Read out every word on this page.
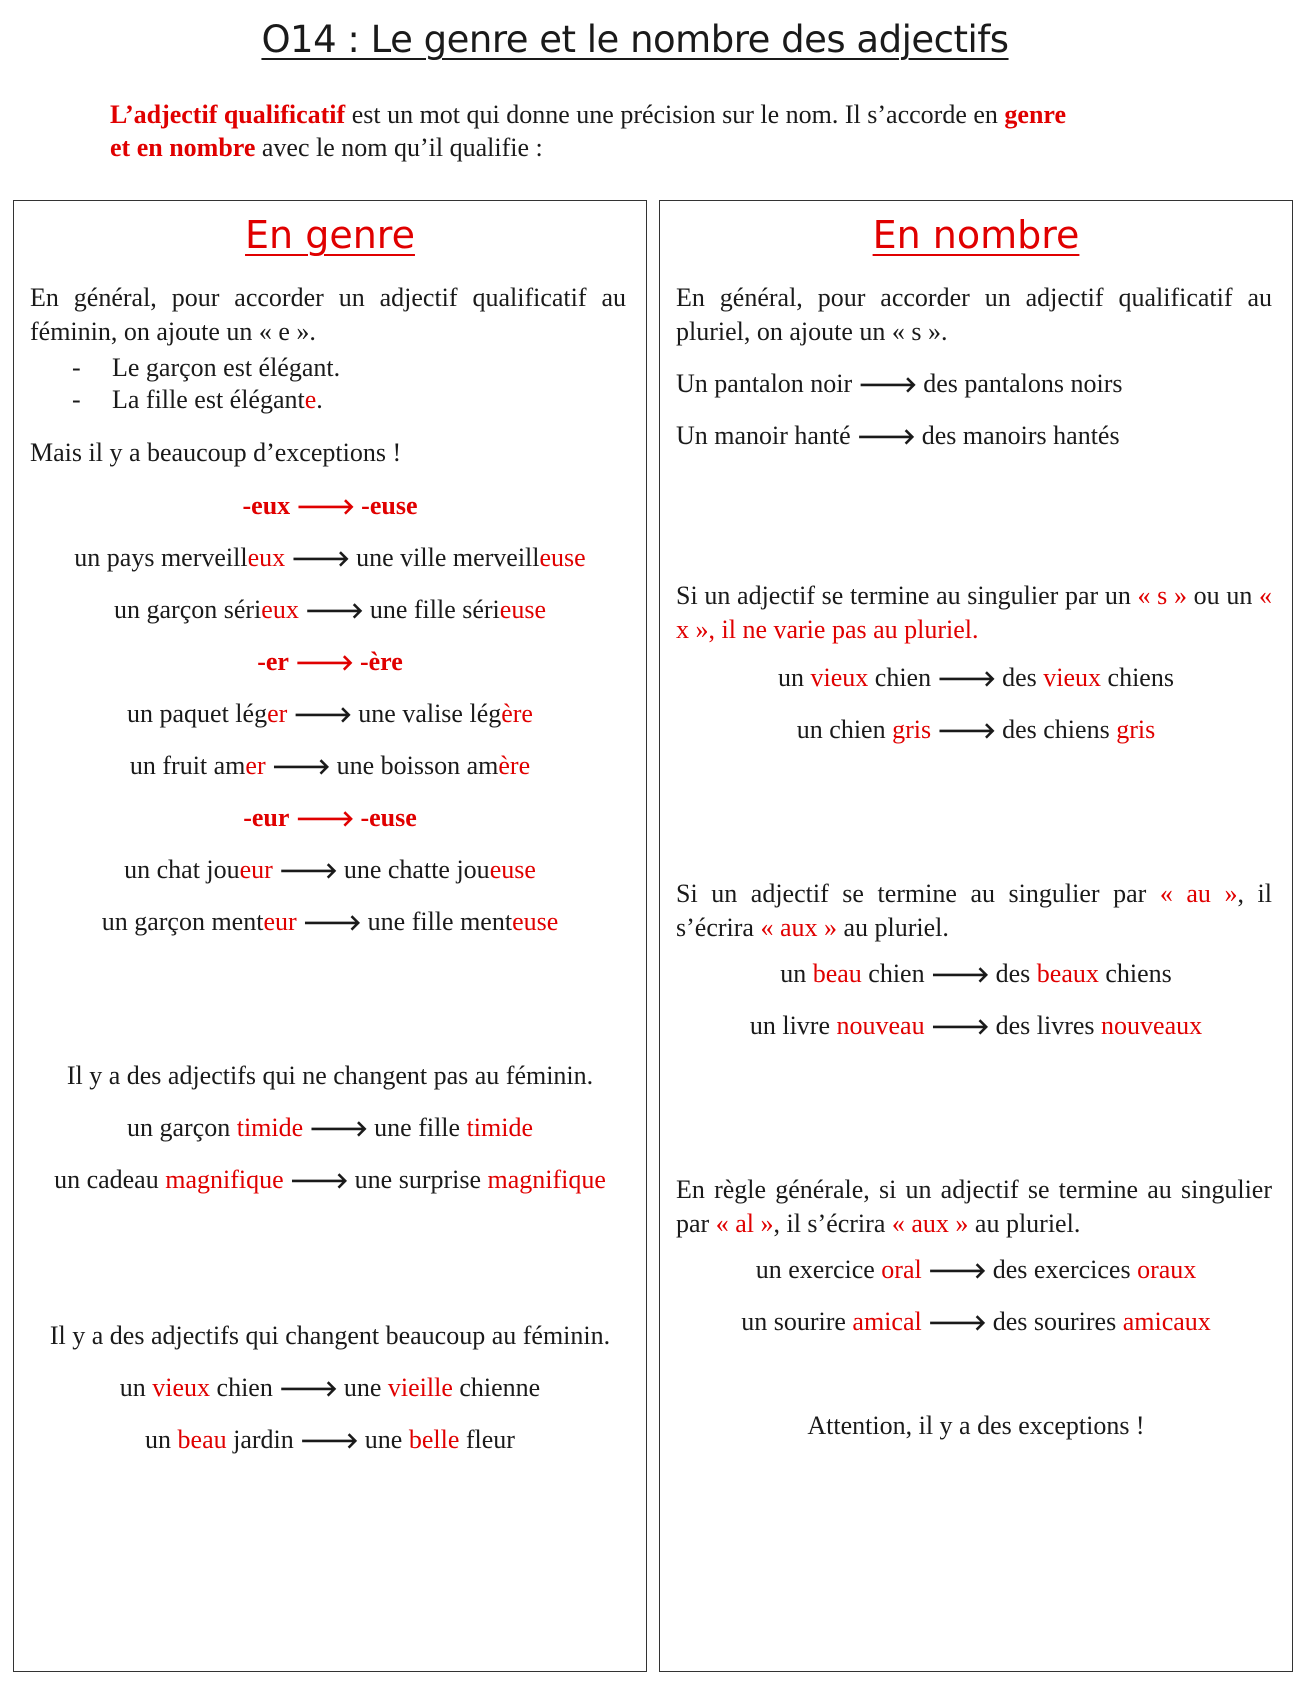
O14 : Le genre et le nombre des adjectifs
L’adjectif qualificatif est un mot qui donne une précision sur le nom. Il s’accorde en genre
et en nombre avec le nom qu’il qualifie :
En genre
En général, pour accorder un adjectif qualificatif au féminin, on ajoute un « e ».
- Le garçon est élégant.
- La fille est élégante.
Mais il y a beaucoup d’exceptions !
-eux 🡒 -euse
un pays merveilleux 🡒 une ville merveilleuse
un garçon sérieux 🡒 une fille sérieuse
-er 🡒 -ère
un paquet léger 🡒 une valise légère
un fruit amer 🡒 une boisson amère
-eur 🡒 -euse
un chat joueur 🡒 une chatte joueuse
un garçon menteur 🡒 une fille menteuse
Il y a des adjectifs qui ne changent pas au féminin.
un garçon timide 🡒 une fille timide
un cadeau magnifique 🡒 une surprise magnifique
Il y a des adjectifs qui changent beaucoup au féminin.
un vieux chien 🡒 une vieille chienne
un beau jardin 🡒 une belle fleur
En nombre
En général, pour accorder un adjectif qualificatif au pluriel, on ajoute un « s ».
Un pantalon noir 🡒 des pantalons noirs
Un manoir hanté 🡒 des manoirs hantés
Si un adjectif se termine au singulier par un « s » ou un « x », il ne varie pas au pluriel.
un vieux chien 🡒 des vieux chiens
un chien gris 🡒 des chiens gris
Si un adjectif se termine au singulier par « au », il s’écrira « aux » au pluriel.
un beau chien 🡒 des beaux chiens
un livre nouveau 🡒 des livres nouveaux
En règle générale, si un adjectif se termine au singulier par « al », il s’écrira « aux » au pluriel.
un exercice oral 🡒 des exercices oraux
un sourire amical 🡒 des sourires amicaux
Attention, il y a des exceptions !
